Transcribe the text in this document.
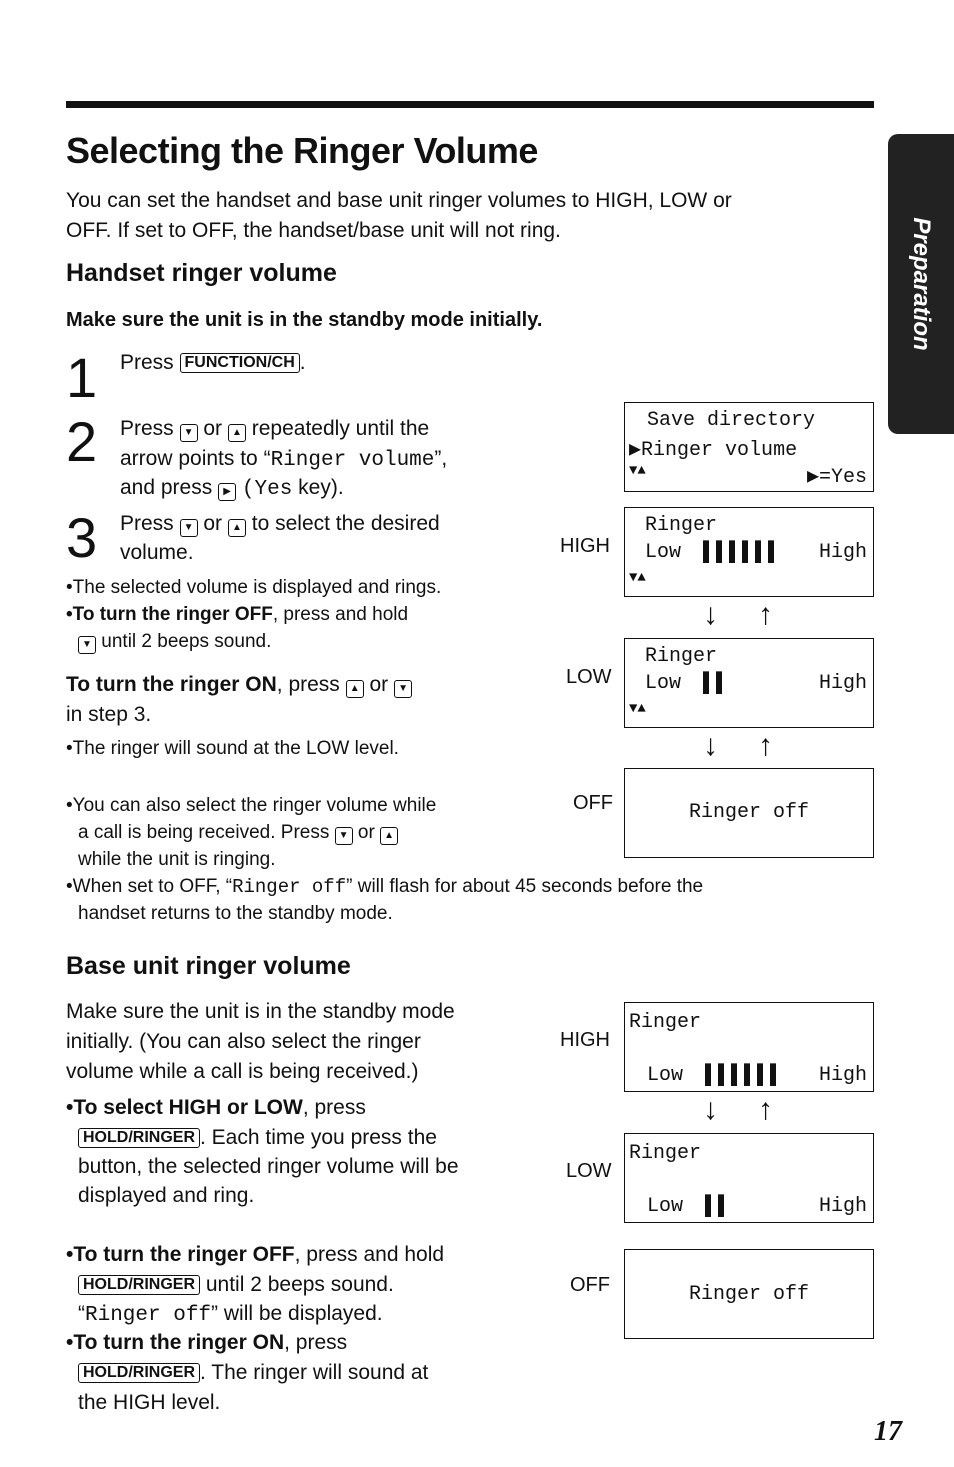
Selecting the Ringer Volume
You can set the handset and base unit ringer volumes to HIGH, LOW or
OFF. If set to OFF, the handset/base unit will not ring.	Preparation
Handset ringer volume
Make sure the unit is in the standby mode initially.
1 Press FUNCTION/CH .
2 Press ▼ or ▲ repeatedly until the
arrow points to “Ringer volume”,
and press ▶ (Yes key).
3 Press ▼ or ▲ to select the desired
volume.
•The selected volume is displayed and rings.
•To turn the ringer OFF, press and hold
▼ until 2 beeps sound.
To turn the ringer ON, press ▲ or ▼
in step 3.
•The ringer will sound at the LOW level.
•You can also select the ringer volume while
a call is being received. Press ▼ or ▲
while the unit is ringing.
•When set to OFF, “Ringer off” will flash for about 45 seconds before the
handset returns to the standby mode.
Save directory
▶Ringer volume
▼▲	▶=Yes
HIGH
Ringer
Low ▌▌▌▌▌▌ High
▼▲
↓↑
LOW
Ringer
Low ▌▌	High
▼▲
↓↑
OFF	Ringer off
Base unit ringer volume
Make sure the unit is in the standby mode
initially. (You can also select the ringer
volume while a call is being received.)
•To select HIGH or LOW, press
HOLD/RINGER . Each time you press the
button, the selected ringer volume will be
displayed and ring.
•To turn the ringer OFF, press and hold
HOLD/RINGER until 2 beeps sound.
“Ringer off” will be displayed.
•To turn the ringer ON, press
HOLD/RINGER . The ringer will sound at
the HIGH level.
HIGH
Ringer
Low ▌▌▌▌▌▌ High
↓↑
LOW
Ringer
Low ▌▌	High
OFF	Ringer off
17
